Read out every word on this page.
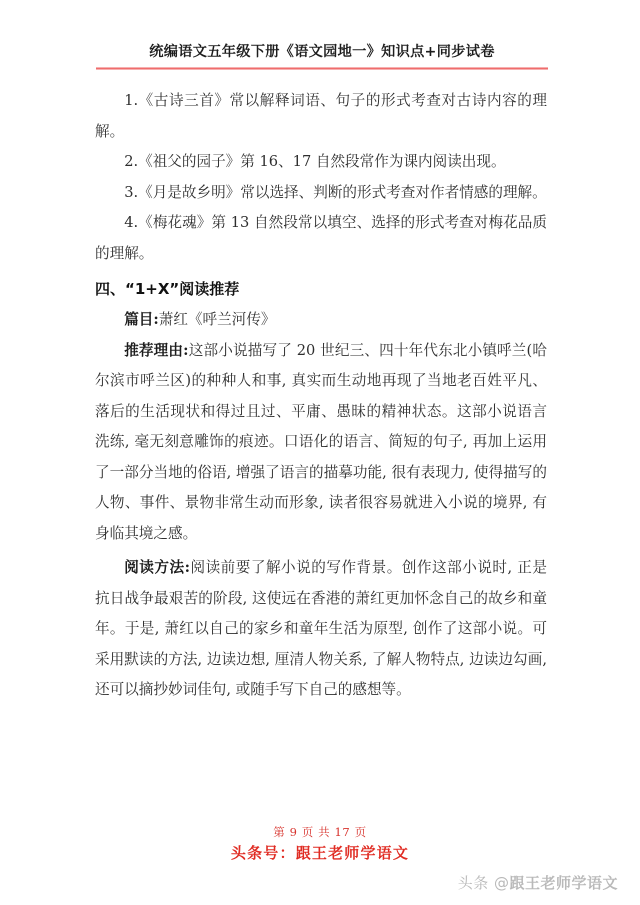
统编语文五年级下册《语文园地一》知识点+同步试卷

1.《古诗三首》常以解释词语、句子的形式考查对古诗内容的理解。

2.《祖父的园子》第 16、17 自然段常作为课内阅读出现。

3.《月是故乡明》常以选择、判断的形式考查对作者情感的理解。

4.《梅花魂》第 13 自然段常以填空、选择的形式考查对梅花品质的理解。

四、“1+X”阅读推荐

篇目:萧红《呼兰河传》

推荐理由:这部小说描写了 20 世纪三、四十年代东北小镇呼兰(哈尔滨市呼兰区)的种种人和事, 真实而生动地再现了当地老百姓平凡、落后的生活现状和得过且过、平庸、愚昧的精神状态。这部小说语言洗练, 毫无刻意雕饰的痕迹。口语化的语言、简短的句子, 再加上运用了一部分当地的俗语, 增强了语言的描摹功能, 很有表现力, 使得描写的人物、事件、景物非常生动而形象, 读者很容易就进入小说的境界, 有身临其境之感。

阅读方法:阅读前要了解小说的写作背景。创作这部小说时, 正是抗日战争最艰苦的阶段, 这使远在香港的萧红更加怀念自己的故乡和童年。于是, 萧红以自己的家乡和童年生活为原型, 创作了这部小说。可采用默读的方法, 边读边想, 厘清人物关系, 了解人物特点, 边读边勾画, 还可以摘抄妙词佳句, 或随手写下自己的感想等。

第 9 页 共 17 页
头条号：跟王老师学语文
头条 @跟王老师学语文
